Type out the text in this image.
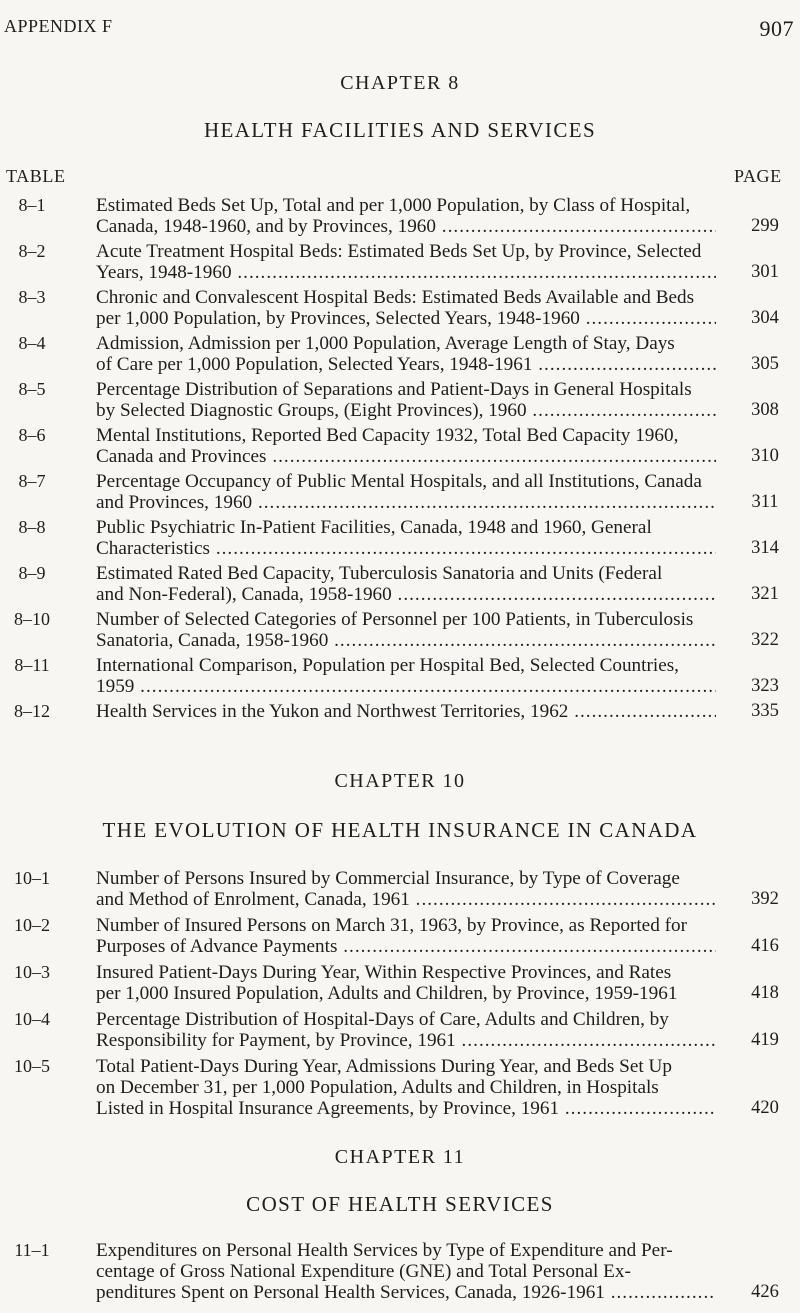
APPENDIX F	907
CHAPTER 8
HEALTH FACILITIES AND SERVICES
TABLE	PAGE
8–1	Estimated Beds Set Up, Total and per 1,000 Population, by Class of Hospital,
Canada, 1948-1960, and by Provinces, 1960 .....	299
8–2	Acute Treatment Hospital Beds: Estimated Beds Set Up, by Province, Selected
Years, 1948-1960 .....	301
8–3	Chronic and Convalescent Hospital Beds: Estimated Beds Available and Beds
per 1,000 Population, by Provinces, Selected Years, 1948-1960 .....	304
8–4	Admission, Admission per 1,000 Population, Average Length of Stay, Days
of Care per 1,000 Population, Selected Years, 1948-1961 .....	305
8–5	Percentage Distribution of Separations and Patient-Days in General Hospitals
by Selected Diagnostic Groups, (Eight Provinces), 1960 .....	308
8–6	Mental Institutions, Reported Bed Capacity 1932, Total Bed Capacity 1960,
Canada and Provinces .....	310
8–7	Percentage Occupancy of Public Mental Hospitals, and all Institutions, Canada
and Provinces, 1960 .....	311
8–8	Public Psychiatric In-Patient Facilities, Canada, 1948 and 1960, General
Characteristics .....	314
8–9	Estimated Rated Bed Capacity, Tuberculosis Sanatoria and Units (Federal
and Non-Federal), Canada, 1958-1960 .....	321
8–10	Number of Selected Categories of Personnel per 100 Patients, in Tuberculosis
Sanatoria, Canada, 1958-1960 .....	322
8–11	International Comparison, Population per Hospital Bed, Selected Countries,
1959 .....	323
8–12	Health Services in the Yukon and Northwest Territories, 1962 .....	335
CHAPTER 10
THE EVOLUTION OF HEALTH INSURANCE IN CANADA
10–1	Number of Persons Insured by Commercial Insurance, by Type of Coverage
and Method of Enrolment, Canada, 1961 .....	392
10–2	Number of Insured Persons on March 31, 1963, by Province, as Reported for
Purposes of Advance Payments .....	416
10–3	Insured Patient-Days During Year, Within Respective Provinces, and Rates
per 1,000 Insured Population, Adults and Children, by Province, 1959-1961	418
10–4	Percentage Distribution of Hospital-Days of Care, Adults and Children, by
Responsibility for Payment, by Province, 1961 .....	419
10–5	Total Patient-Days During Year, Admissions During Year, and Beds Set Up
on December 31, per 1,000 Population, Adults and Children, in Hospitals
Listed in Hospital Insurance Agreements, by Province, 1961 .....	420
CHAPTER 11
COST OF HEALTH SERVICES
11–1	Expenditures on Personal Health Services by Type of Expenditure and Per-
centage of Gross National Expenditure (GNE) and Total Personal Ex-
penditures Spent on Personal Health Services, Canada, 1926-1961 .....	426
